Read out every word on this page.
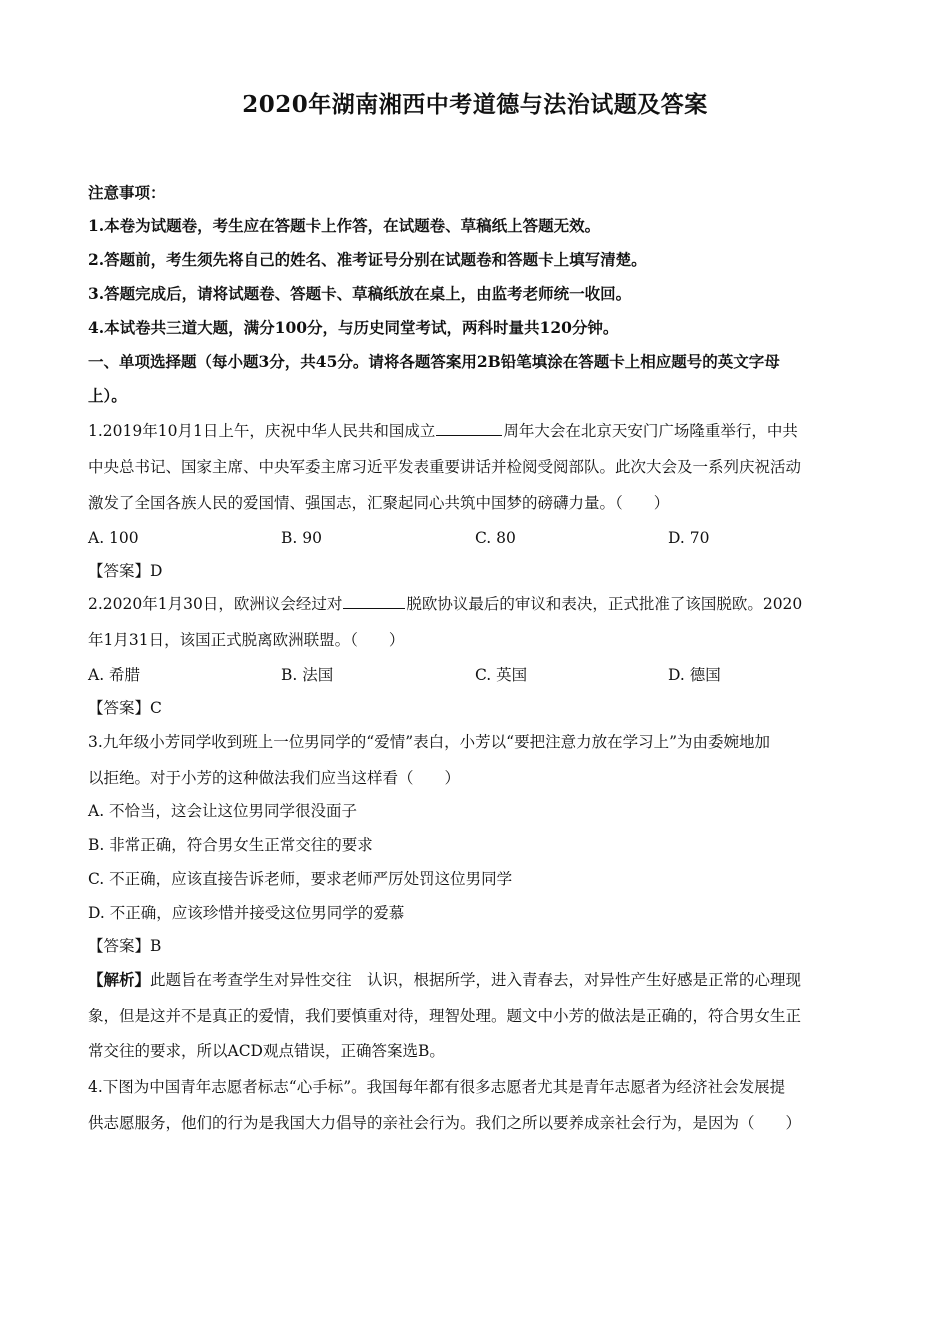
2020年湖南湘西中考道德与法治试题及答案
注意事项：
1.本卷为试题卷，考生应在答题卡上作答，在试题卷、草稿纸上答题无效。
2.答题前，考生须先将自己的姓名、准考证号分别在试题卷和答题卡上填写清楚。
3.答题完成后，请将试题卷、答题卡、草稿纸放在桌上，由监考老师统一收回。
4.本试卷共三道大题，满分100分，与历史同堂考试，两科时量共120分钟。
一、单项选择题（每小题3分，共45分。请将各题答案用2B铅笔填涂在答题卡上相应题号的英文字母
上）。
1.2019年10月1日上午，庆祝中华人民共和国成立	周年大会在北京天安门广场隆重举行，中共
中央总书记、国家主席、中央军委主席习近平发表重要讲话并检阅受阅部队。此次大会及一系列庆祝活动
激发了全国各族人民的爱国情、强国志，汇聚起同心共筑中国梦的磅礴力量。（　　）
A. 100	B. 90	C. 80	D. 70
【答案】D
2.2020年1月30日，欧洲议会经过对	脱欧协议最后的审议和表决，正式批准了该国脱欧。2020
年1月31日，该国正式脱离欧洲联盟。（　　）
A. 希腊	B. 法国	C. 英国	D. 德国
【答案】C
3.九年级小芳同学收到班上一位男同学的“爱情”表白，小芳以“要把注意力放在学习上”为由委婉地加
以拒绝。对于小芳的这种做法我们应当这样看（　　）
A. 不恰当，这会让这位男同学很没面子
B. 非常正确，符合男女生正常交往的要求
C. 不正确，应该直接告诉老师，要求老师严厉处罚这位男同学
D. 不正确，应该珍惜并接受这位男同学的爱慕
【答案】B
【解析】此题旨在考查学生对异性交往　认识，根据所学，进入青春去，对异性产生好感是正常的心理现
象，但是这并不是真正的爱情，我们要慎重对待，理智处理。题文中小芳的做法是正确的，符合男女生正
常交往的要求，所以ACD观点错误，正确答案选B。
4.下图为中国青年志愿者标志“心手标”。我国每年都有很多志愿者尤其是青年志愿者为经济社会发展提
供志愿服务，他们的行为是我国大力倡导的亲社会行为。我们之所以要养成亲社会行为，是因为（　　）
